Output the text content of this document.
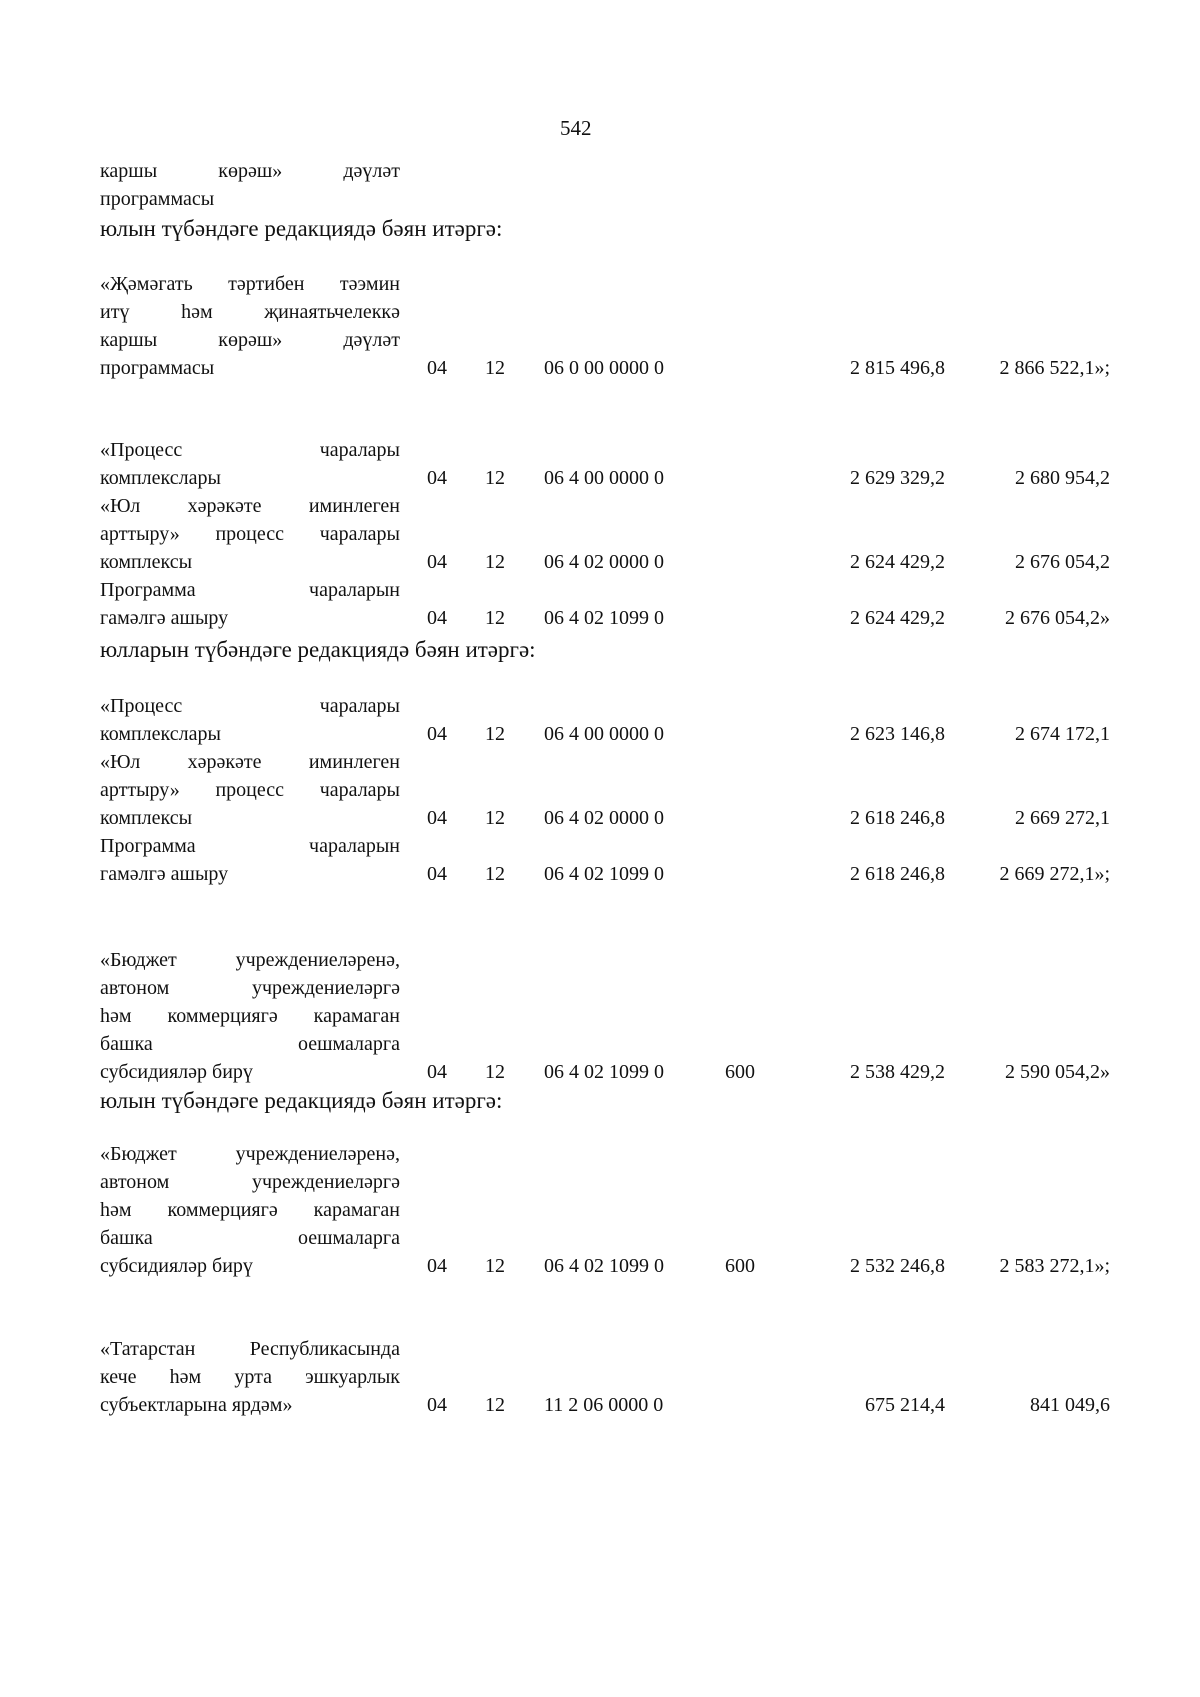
542
каршы көрәш» дәүләт
программасы
юлын түбәндәге редакциядә бәян итәргә:
«Җәмәгать тәртибен тәэмин
итү һәм җинаятьчелеккә
каршы көрәш» дәүләт
программасы	04 12 06 0 00 0000 0	2 815 496,8	2 866 522,1»;
«Процесс чаралары
комплекслары	04 12 06 4 00 0000 0	2 629 329,2	2 680 954,2
«Юл хәрәкәте иминлеген
арттыру» процесс чаралары
комплексы	04 12 06 4 02 0000 0	2 624 429,2	2 676 054,2
Программа чараларын
гамәлгә ашыру	04 12 06 4 02 1099 0	2 624 429,2	2 676 054,2»
юлларын түбәндәге редакциядә бәян итәргә:
«Процесс чаралары
комплекслары	04 12 06 4 00 0000 0	2 623 146,8	2 674 172,1
«Юл хәрәкәте иминлеген
арттыру» процесс чаралары
комплексы	04 12 06 4 02 0000 0	2 618 246,8	2 669 272,1
Программа чараларын
гамәлгә ашыру	04 12 06 4 02 1099 0	2 618 246,8	2 669 272,1»;
«Бюджет учреждениеләренә,
автоном учреждениеләргә
һәм коммерциягә карамаган
башка оешмаларга
субсидияләр бирү	04 12 06 4 02 1099 0	600	2 538 429,2	2 590 054,2»
юлын түбәндәге редакциядә бәян итәргә:
«Бюджет учреждениеләренә,
автоном учреждениеләргә
һәм коммерциягә карамаган
башка оешмаларга
субсидияләр бирү	04 12 06 4 02 1099 0	600	2 532 246,8	2 583 272,1»;
«Татарстан Республикасында
кече һәм урта эшкуарлык
субъектларына ярдәм»	04 12 11 2 06 0000 0	675 214,4	841 049,6
